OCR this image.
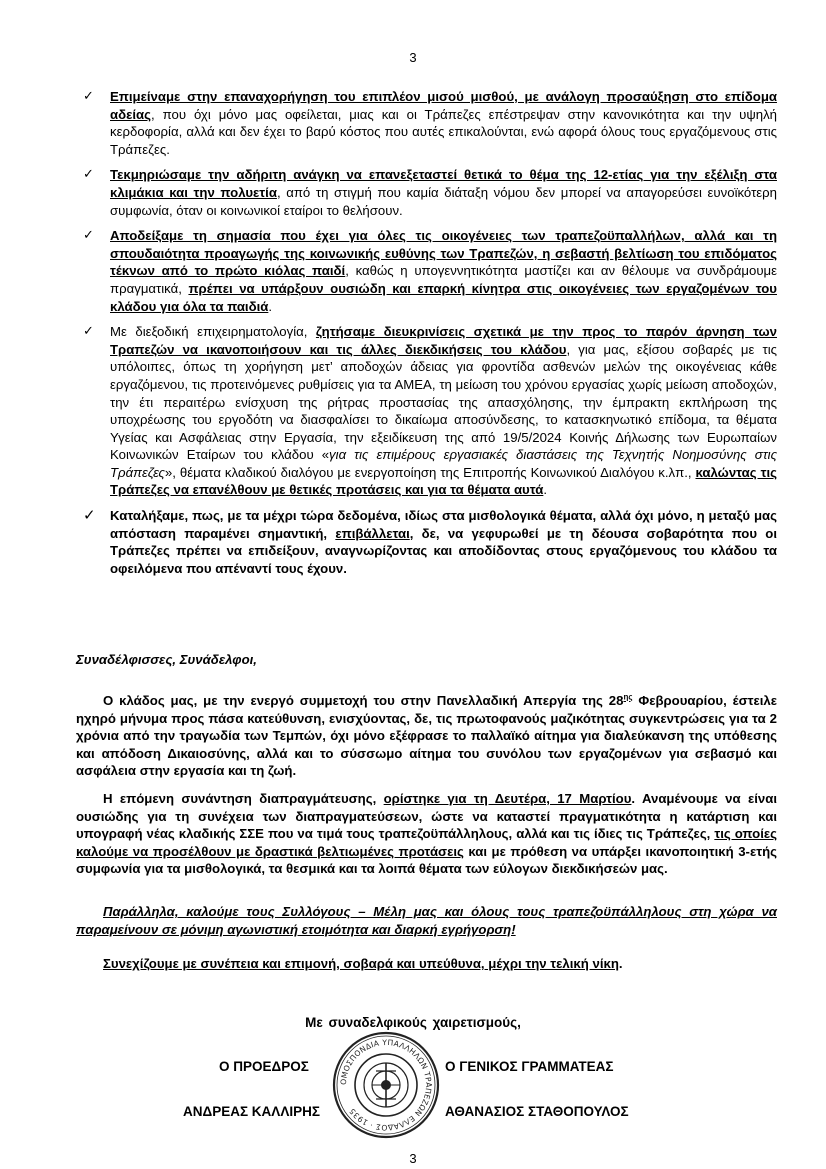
3
✓ Επιμείναμε στην επαναχορήγηση του επιπλέον μισού μισθού, με ανάλογη προσαύξηση στο επίδομα αδείας, που όχι μόνο μας οφείλεται, μιας και οι Τράπεζες επέστρεψαν στην κανονικότητα και την υψηλή κερδοφορία, αλλά και δεν έχει το βαρύ κόστος που αυτές επικαλούνται, ενώ αφορά όλους τους εργαζόμενους στις Τράπεζες.
✓ Τεκμηριώσαμε την αδήριτη ανάγκη να επανεξεταστεί θετικά το θέμα της 12-ετίας για την εξέλιξη στα κλιμάκια και την πολυετία, από τη στιγμή που καμία διάταξη νόμου δεν μπορεί να απαγορεύσει ευνοϊκότερη συμφωνία, όταν οι κοινωνικοί εταίροι το θελήσουν.
✓ Αποδείξαμε τη σημασία που έχει για όλες τις οικογένειες των τραπεζοϋπαλλήλων, αλλά και τη σπουδαιότητα προαγωγής της κοινωνικής ευθύνης των Τραπεζών, η σεβαστή βελτίωση του επιδόματος τέκνων από το πρώτο κιόλας παιδί, καθώς η υπογεννητικότητα μαστίζει και αν θέλουμε να συνδράμουμε πραγματικά, πρέπει να υπάρξουν ουσιώδη και επαρκή κίνητρα στις οικογένειες των εργαζομένων του κλάδου για όλα τα παιδιά.
✓ Με διεξοδική επιχειρηματολογία, ζητήσαμε διευκρινίσεις σχετικά με την προς το παρόν άρνηση των Τραπεζών να ικανοποιήσουν και τις άλλες διεκδικήσεις του κλάδου, για μας, εξίσου σοβαρές με τις υπόλοιπες, όπως τη χορήγηση μετ’ αποδοχών άδειας για φροντίδα ασθενών μελών της οικογένειας κάθε εργαζόμενου, τις προτεινόμενες ρυθμίσεις για τα ΑΜΕΑ, τη μείωση του χρόνου εργασίας χωρίς μείωση αποδοχών, την έτι περαιτέρω ενίσχυση της ρήτρας προστασίας της απασχόλησης, την έμπρακτη εκπλήρωση της υποχρέωσης του εργοδότη να διασφαλίσει το δικαίωμα αποσύνδεσης, το κατασκηνωτικό επίδομα, τα θέματα Υγείας και Ασφάλειας στην Εργασία, την εξειδίκευση της από 19/5/2024 Κοινής Δήλωσης των Ευρωπαίων Κοινωνικών Εταίρων του κλάδου «για τις επιμέρους εργασιακές διαστάσεις της Τεχνητής Νοημοσύνης στις Τράπεζες», θέματα κλαδικού διαλόγου με ενεργοποίηση της Επιτροπής Κοινωνικού Διαλόγου κ.λπ., καλώντας τις Τράπεζες να επανέλθουν με θετικές προτάσεις και για τα θέματα αυτά.
✓ Καταλήξαμε, πως, με τα μέχρι τώρα δεδομένα, ιδίως στα μισθολογικά θέματα, αλλά όχι μόνο, η μεταξύ μας απόσταση παραμένει σημαντική, επιβάλλεται, δε, να γεφυρωθεί με τη δέουσα σοβαρότητα που οι Τράπεζες πρέπει να επιδείξουν, αναγνωρίζοντας και αποδίδοντας στους εργαζόμενους του κλάδου τα οφειλόμενα που απέναντί τους έχουν.
Συναδέλφισσες, Συνάδελφοι,
Ο κλάδος μας, με την ενεργό συμμετοχή του στην Πανελλαδική Απεργία της $28^{\eta\varsigma}$ Φεβρουαρίου, έστειλε ηχηρό μήνυμα προς πάσα κατεύθυνση, ενισχύοντας, δε, τις πρωτοφανούς μαζικότητας συγκεντρώσεις για τα 2 χρόνια από την τραγωδία των Τεμπών, όχι μόνο εξέφρασε το παλλαϊκό αίτημα για διαλεύκανση της υπόθεσης και απόδοση Δικαιοσύνης, αλλά και το σύσσωμο αίτημα του συνόλου των εργαζομένων για σεβασμό και ασφάλεια στην εργασία και τη ζωή.
Η επόμενη συνάντηση διαπραγμάτευσης, ορίστηκε για τη Δευτέρα, 17 Μαρτίου. Αναμένουμε να είναι ουσιώδης για τη συνέχεια των διαπραγματεύσεων, ώστε να καταστεί πραγματικότητα η κατάρτιση και υπογραφή νέας κλαδικής ΣΣΕ που να τιμά τους τραπεζοϋπάλληλους, αλλά και τις ίδιες τις Τράπεζες, τις οποίες καλούμε να προσέλθουν με δραστικά βελτιωμένες προτάσεις και με πρόθεση να υπάρξει ικανοποιητική 3-ετής συμφωνία για τα μισθολογικά, τα θεσμικά και τα λοιπά θέματα των εύλογων διεκδικήσεών μας.
Παράλληλα, καλούμε τους Συλλόγους – Μέλη μας και όλους τους τραπεζοϋπάλληλους στη χώρα να παραμείνουν σε μόνιμη αγωνιστική ετοιμότητα και διαρκή εγρήγορση!
Συνεχίζουμε με συνέπεια και επιμονή, σοβαρά και υπεύθυνα, μέχρι την τελική νίκη.
Με συναδελφικούς χαιρετισμούς,
Ο ΠΡΟΕΔΡΟΣ
ΑΝΔΡΕΑΣ ΚΑΛΛΙΡΗΣ
Ο ΓΕΝΙΚΟΣ ΓΡΑΜΜΑΤΕΑΣ
ΑΘΑΝΑΣΙΟΣ ΣΤΑΘΟΠΟΥΛΟΣ
ΟΜΟΣΠΟΝΔΙΑ ΥΠΑΛΛΗΛΩΝ ΤΡΑΠΕΖΩΝ ΕΛΛΑΔΟΣ · 1935
3
